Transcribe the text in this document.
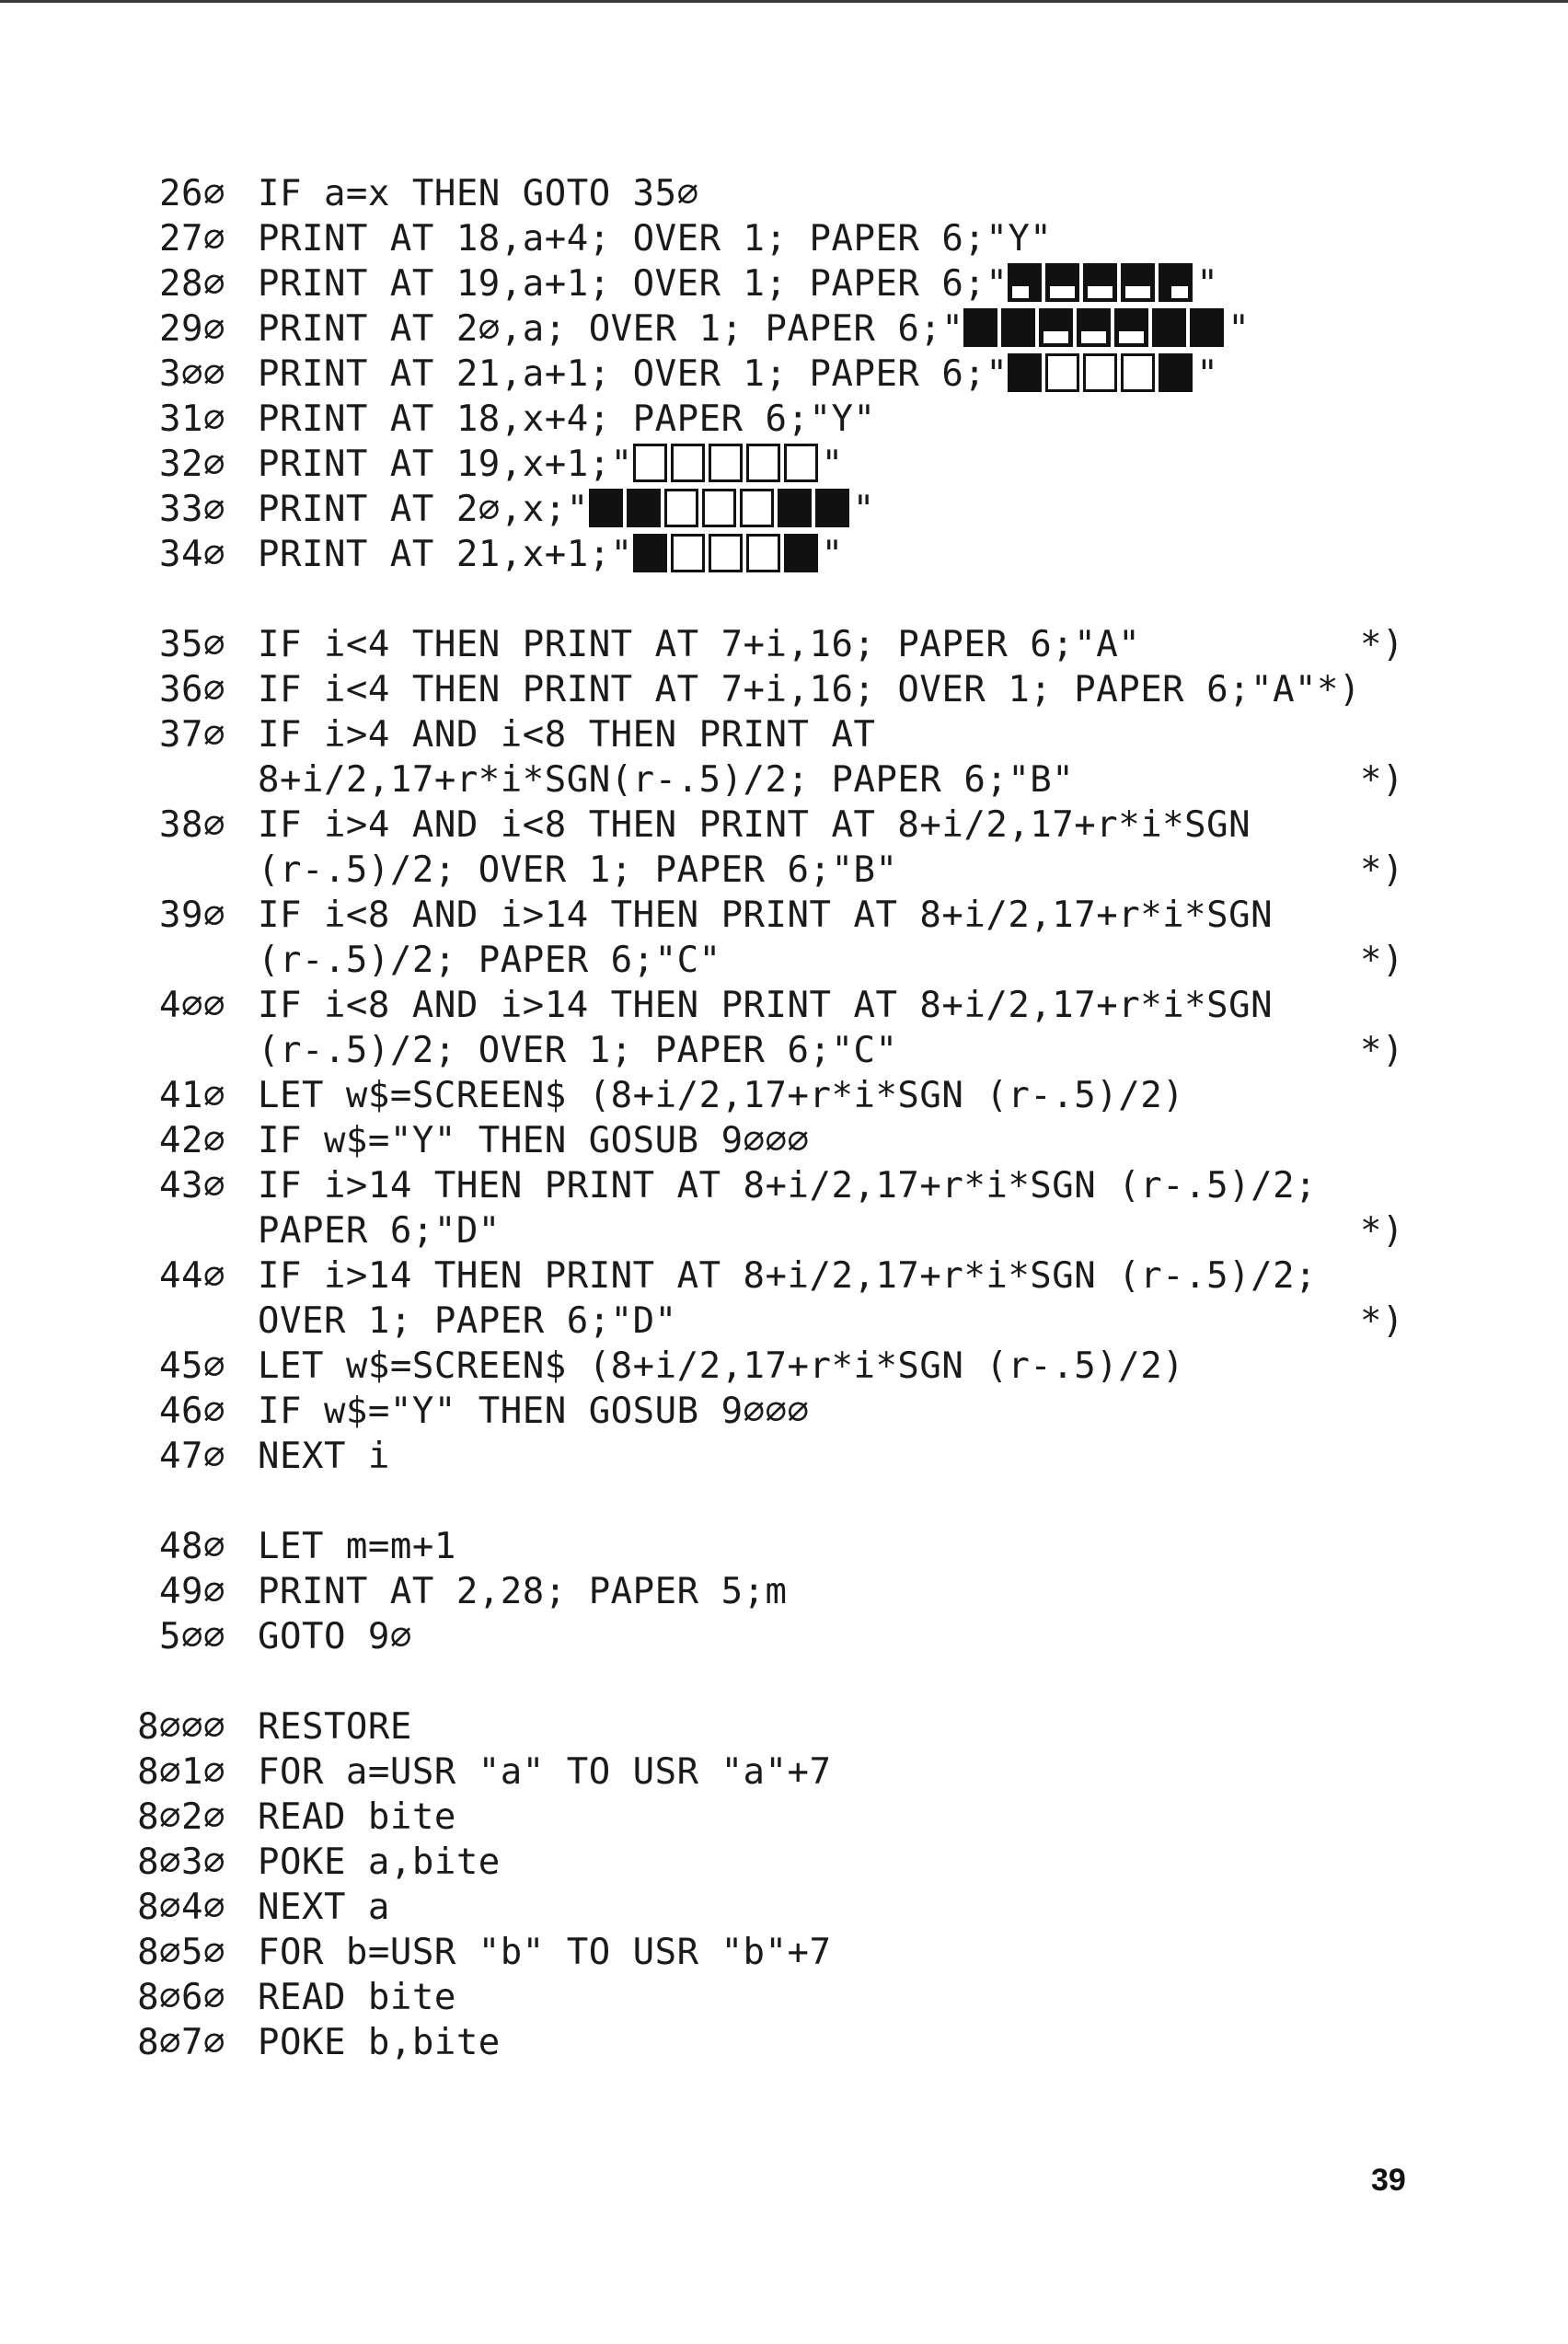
26∅ IF a=x THEN GOTO 35∅
27∅ PRINT AT 18,a+4; OVER 1; PAPER 6;"Y"
28∅ PRINT AT 19,a+1; OVER 1; PAPER 6;"	"
29∅ PRINT AT 2∅,a; OVER 1; PAPER 6;"	"
3∅∅ PRINT AT 21,a+1; OVER 1; PAPER 6;"	"
31∅ PRINT AT 18,x+4; PAPER 6;"Y"
32∅ PRINT AT 19,x+1;"	"
33∅ PRINT AT 2∅,x;"	"
34∅ PRINT AT 21,x+1;"	"
35∅ IF i<4 THEN PRINT AT 7+i,16; PAPER 6;"A"	*)
36∅ IF i<4 THEN PRINT AT 7+i,16; OVER 1; PAPER 6;"A"*)
37∅ IF i>4 AND i<8 THEN PRINT AT
8+i/2,17+r*i*SGN(r-.5)/2; PAPER 6;"B"	*)
38∅ IF i>4 AND i<8 THEN PRINT AT 8+i/2,17+r*i*SGN
(r-.5)/2; OVER 1; PAPER 6;"B"	*)
39∅ IF i<8 AND i>14 THEN PRINT AT 8+i/2,17+r*i*SGN
(r-.5)/2; PAPER 6;"C"	*)
4∅∅ IF i<8 AND i>14 THEN PRINT AT 8+i/2,17+r*i*SGN
(r-.5)/2; OVER 1; PAPER 6;"C"	*)
41∅ LET w$=SCREEN$ (8+i/2,17+r*i*SGN (r-.5)/2)
42∅ IF w$="Y" THEN GOSUB 9∅∅∅
43∅ IF i>14 THEN PRINT AT 8+i/2,17+r*i*SGN (r-.5)/2;
PAPER 6;"D"	*)
44∅ IF i>14 THEN PRINT AT 8+i/2,17+r*i*SGN (r-.5)/2;
OVER 1; PAPER 6;"D"	*)
45∅ LET w$=SCREEN$ (8+i/2,17+r*i*SGN (r-.5)/2)
46∅ IF w$="Y" THEN GOSUB 9∅∅∅
47∅ NEXT i
48∅ LET m=m+1
49∅ PRINT AT 2,28; PAPER 5;m
5∅∅ GOTO 9∅
8∅∅∅ RESTORE
8∅1∅ FOR a=USR "a" TO USR "a"+7
8∅2∅ READ bite
8∅3∅ POKE a,bite
8∅4∅ NEXT a
8∅5∅ FOR b=USR "b" TO USR "b"+7
8∅6∅ READ bite
8∅7∅ POKE b,bite
39
